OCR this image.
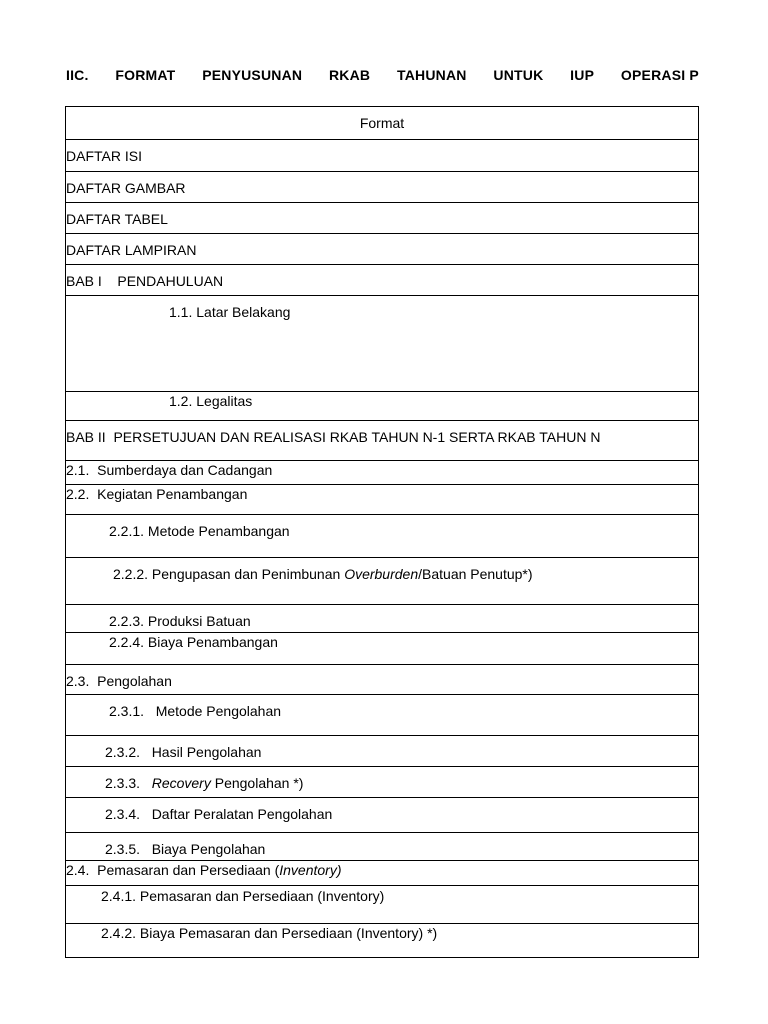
IIC. FORMAT PENYUSUNAN RKAB TAHUNAN UNTUK IUP OPERASI P
Format
DAFTAR ISI
DAFTAR GAMBAR
DAFTAR TABEL
DAFTAR LAMPIRAN
BAB I    PENDAHULUAN
1.1. Latar Belakang
1.2. Legalitas
BAB II  PERSETUJUAN DAN REALISASI RKAB TAHUN N-1 SERTA RKAB TAHUN N
2.1.  Sumberdaya dan Cadangan
2.2.  Kegiatan Penambangan
2.2.1. Metode Penambangan
2.2.2. Pengupasan dan Penimbunan Overburden/Batuan Penutup*)
2.2.3. Produksi Batuan
2.2.4. Biaya Penambangan
2.3.  Pengolahan
2.3.1.   Metode Pengolahan
2.3.2.   Hasil Pengolahan
2.3.3.   Recovery Pengolahan *)
2.3.4.   Daftar Peralatan Pengolahan
2.3.5.   Biaya Pengolahan
2.4.  Pemasaran dan Persediaan (Inventory)
2.4.1. Pemasaran dan Persediaan (Inventory)
2.4.2. Biaya Pemasaran dan Persediaan (Inventory) *)
